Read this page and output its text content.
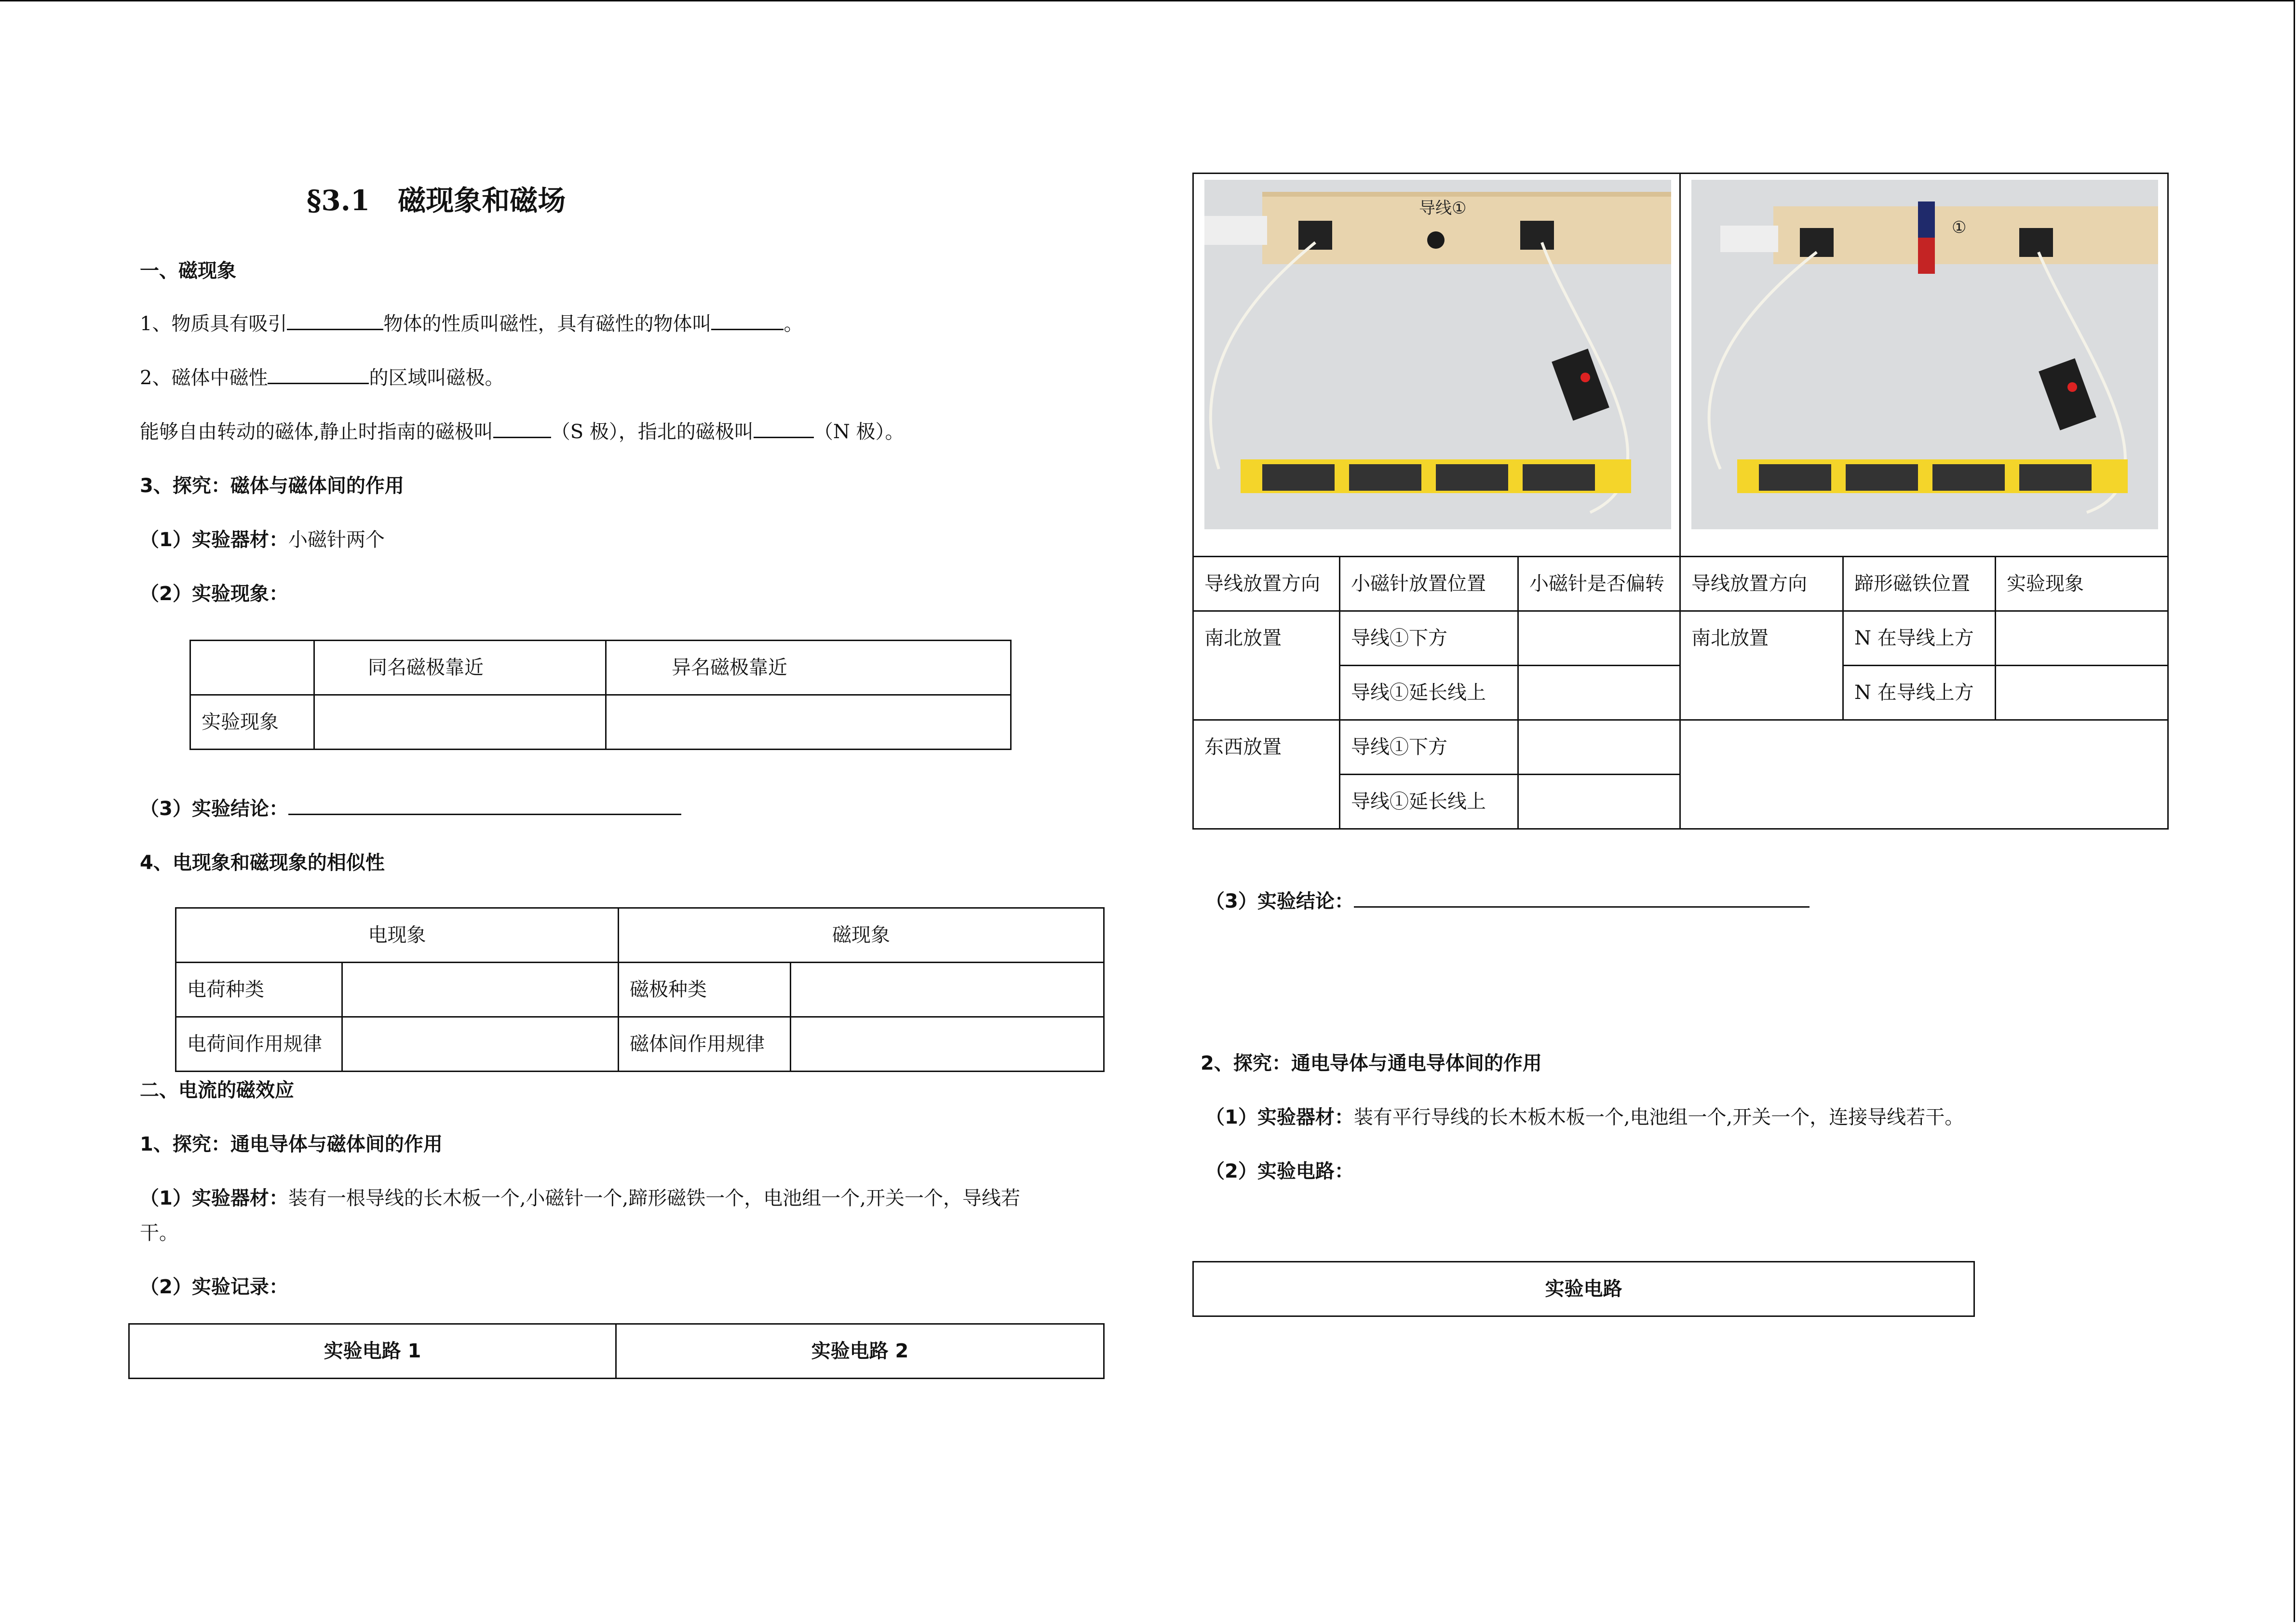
§3.1　磁现象和磁场
一、磁现象
1、物质具有吸引	物体的性质叫磁性，具有磁性的物体叫	。
2、磁体中磁性	的区域叫磁极。
能够自由转动的磁体,静止时指南的磁极叫	（S 极），指北的磁极叫	（N 极）。
3、探究：磁体与磁体间的作用
（1）实验器材：小磁针两个
（2）实验现象：
	同名磁极靠近	异名磁极靠近
实验现象		
（3）实验结论：
4、电现象和磁现象的相似性
电现象		磁现象	
电荷种类		磁极种类	
电荷间作用规律		磁体间作用规律	
二、电流的磁效应
1、探究：通电导体与磁体间的作用
（1）实验器材：装有一根导线的长木板一个,小磁针一个,蹄形磁铁一个，电池组一个,开关一个，导线若
干。
（2）实验记录：
实验电路 1	实验电路 2
导线①			①		

导线放置方向	小磁针放置位置	小磁针是否偏转	导线放置方向	蹄形磁铁位置	实验现象
南北放置	导线①下方		南北放置	N 在导线上方	
	导线①延长线上			N 在导线上方	
东西放置	导线①下方				
	导线①延长线上				
（3）实验结论：
2、探究：通电导体与通电导体间的作用
（1）实验器材：装有平行导线的长木板木板一个,电池组一个,开关一个，连接导线若干。
（2）实验电路：
实验电路
